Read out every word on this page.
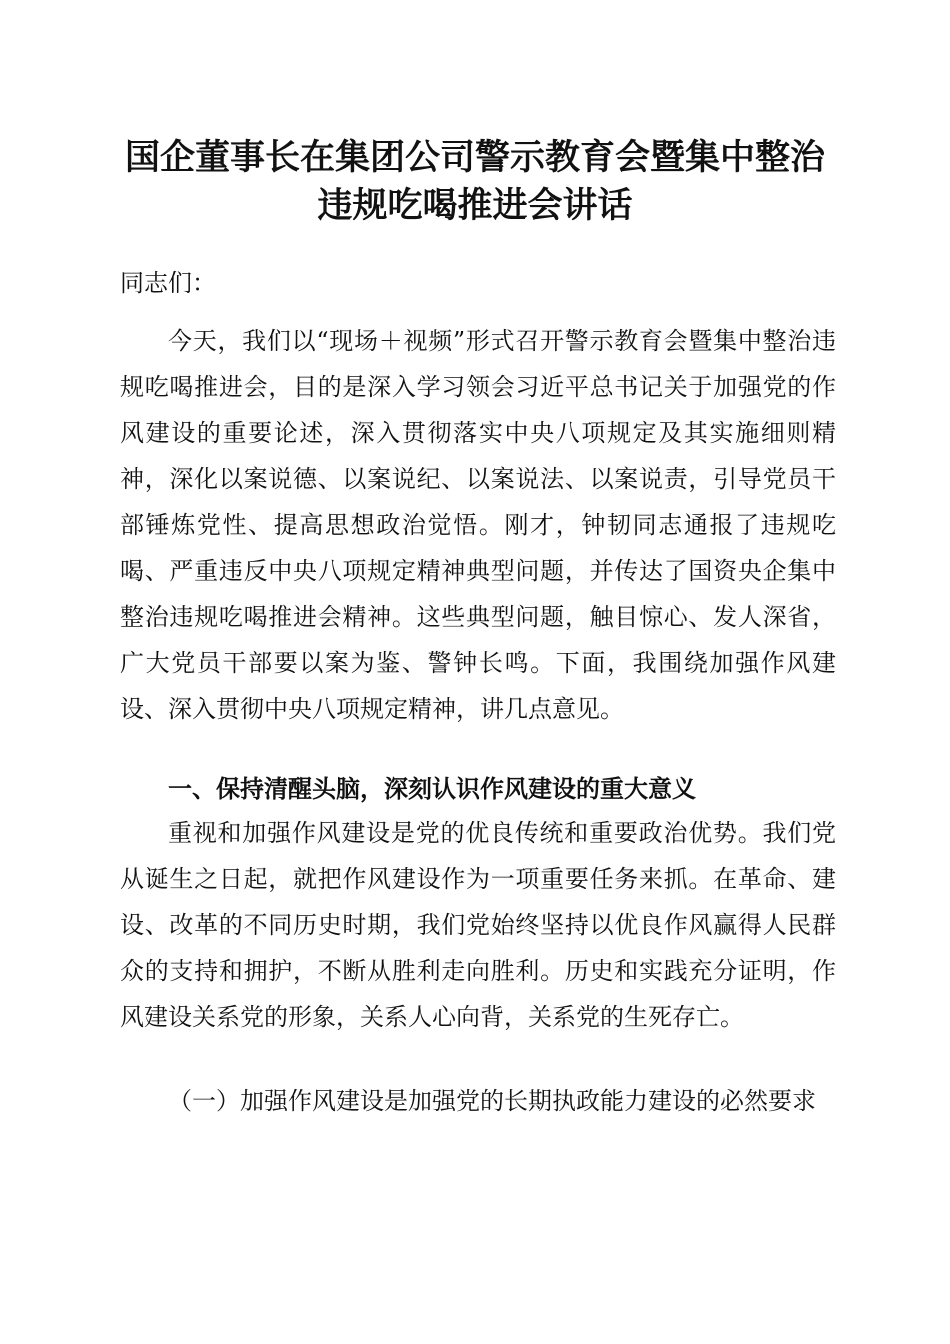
国企董事长在集团公司警示教育会暨集中整治
违规吃喝推进会讲话

同志们：

今天，我们以“现场＋视频”形式召开警示教育会暨集中整治违规吃喝推进会，目的是深入学习领会习近平总书记关于加强党的作风建设的重要论述，深入贯彻落实中央八项规定及其实施细则精神，深化以案说德、以案说纪、以案说法、以案说责，引导党员干部锤炼党性、提高思想政治觉悟。刚才，钟韧同志通报了违规吃喝、严重违反中央八项规定精神典型问题，并传达了国资央企集中整治违规吃喝推进会精神。这些典型问题，触目惊心、发人深省，广大党员干部要以案为鉴、警钟长鸣。下面，我围绕加强作风建设、深入贯彻中央八项规定精神，讲几点意见。

一、保持清醒头脑，深刻认识作风建设的重大意义

重视和加强作风建设是党的优良传统和重要政治优势。我们党从诞生之日起，就把作风建设作为一项重要任务来抓。在革命、建设、改革的不同历史时期，我们党始终坚持以优良作风赢得人民群众的支持和拥护，不断从胜利走向胜利。历史和实践充分证明，作风建设关系党的形象，关系人心向背，关系党的生死存亡。

（一）加强作风建设是加强党的长期执政能力建设的必然要求
